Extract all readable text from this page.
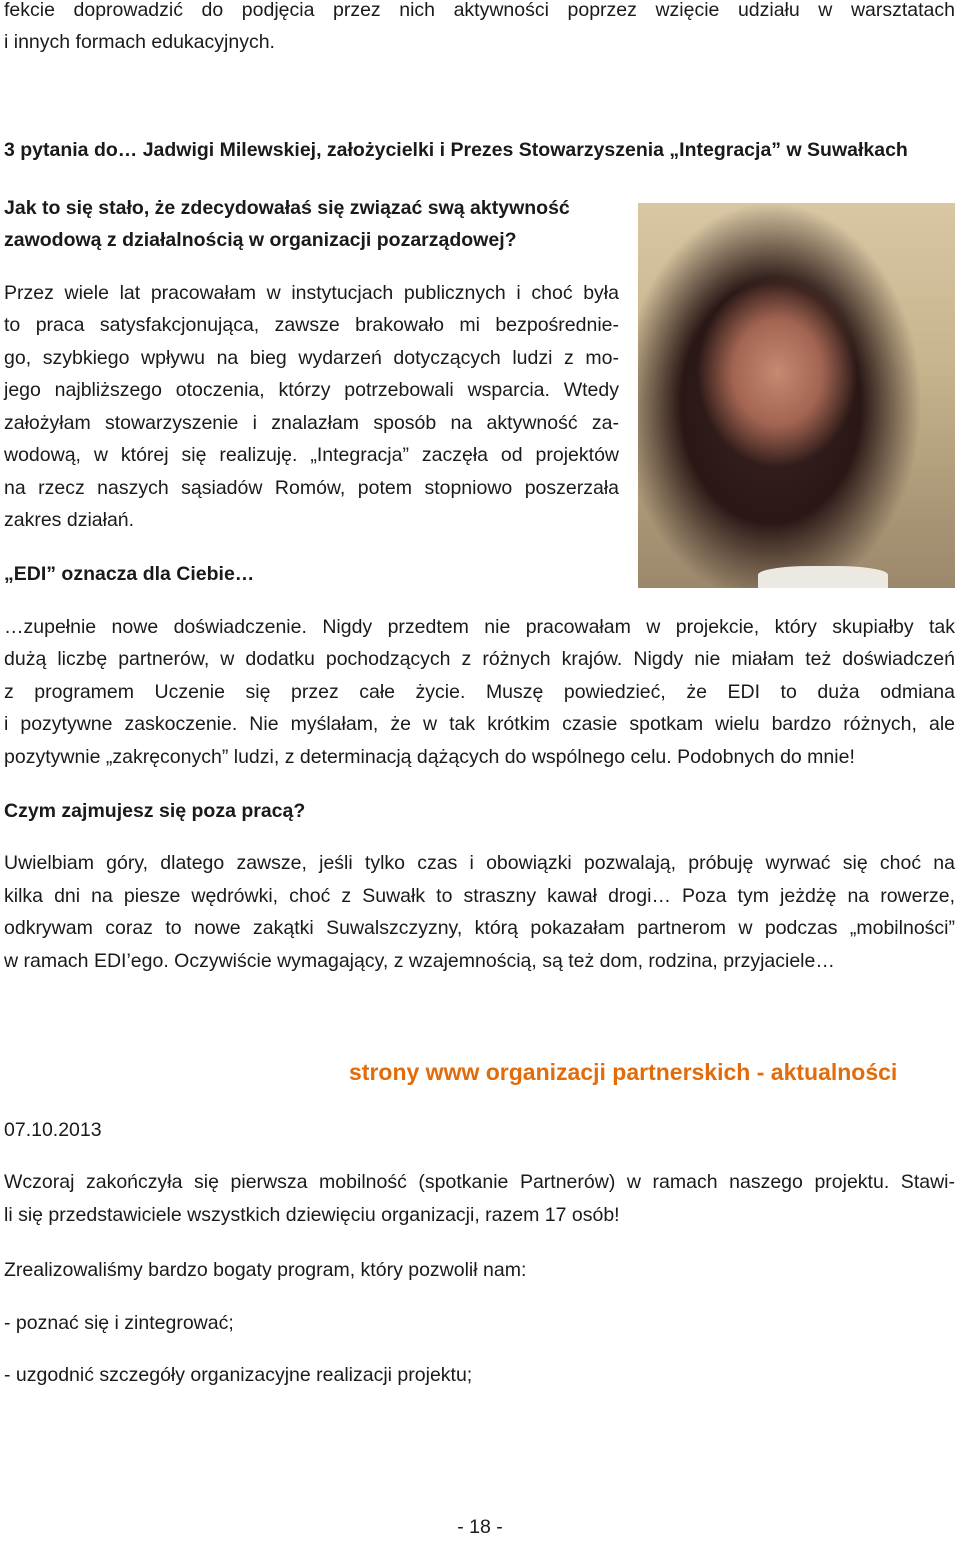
fekcie doprowadzić do podjęcia przez nich aktywności poprzez wzięcie udziału w warsztatach

i innych formach edukacyjnych.

3 pytania do… Jadwigi Milewskiej, założycielki i Prezes Stowarzyszenia „Integracja” w Suwałkach

Jak to się stało, że zdecydowałaś się związać swą aktywność

zawodową z działalnością w organizacji pozarządowej?

Przez wiele lat pracowałam w instytucjach publicznych i choć była

to praca satysfakcjonująca, zawsze brakowało mi bezpośrednie-

go, szybkiego wpływu na bieg wydarzeń dotyczących ludzi z mo-

jego najbliższego otoczenia, którzy potrzebowali wsparcia. Wtedy

założyłam stowarzyszenie i znalazłam sposób na aktywność za-

wodową, w której się realizuję. „Integracja” zaczęła od projektów

na rzecz naszych sąsiadów Romów, potem stopniowo poszerzała

zakres działań.

„EDI” oznacza dla Ciebie…

…zupełnie nowe doświadczenie. Nigdy przedtem nie pracowałam w projekcie, który skupiałby tak

dużą liczbę partnerów, w dodatku pochodzących z różnych krajów. Nigdy nie miałam też doświadczeń

z programem Uczenie się przez całe życie. Muszę powiedzieć, że EDI to duża odmiana

i pozytywne zaskoczenie. Nie myślałam, że w tak krótkim czasie spotkam wielu bardzo różnych, ale

pozytywnie „zakręconych” ludzi, z determinacją dążących do wspólnego celu. Podobnych do mnie!

Czym zajmujesz się poza pracą?

Uwielbiam góry, dlatego zawsze, jeśli tylko czas i obowiązki pozwalają, próbuję wyrwać się choć na

kilka dni na piesze wędrówki, choć z Suwałk to straszny kawał drogi… Poza tym jeżdżę na rowerze,

odkrywam coraz to nowe zakątki Suwalszczyzny, którą pokazałam partnerom w podczas „mobilności”

w ramach EDI’ego. Oczywiście wymagający, z wzajemnością, są też dom, rodzina, przyjaciele…

strony www organizacji partnerskich - aktualności

07.10.2013

Wczoraj zakończyła się pierwsza mobilność (spotkanie Partnerów) w ramach naszego projektu. Stawi-

li się przedstawiciele wszystkich dziewięciu organizacji, razem 17 osób!

Zrealizowaliśmy bardzo bogaty program, który pozwolił nam:

- poznać się i zintegrować;

- uzgodnić szczegóły organizacyjne realizacji projektu;

- 18 -
